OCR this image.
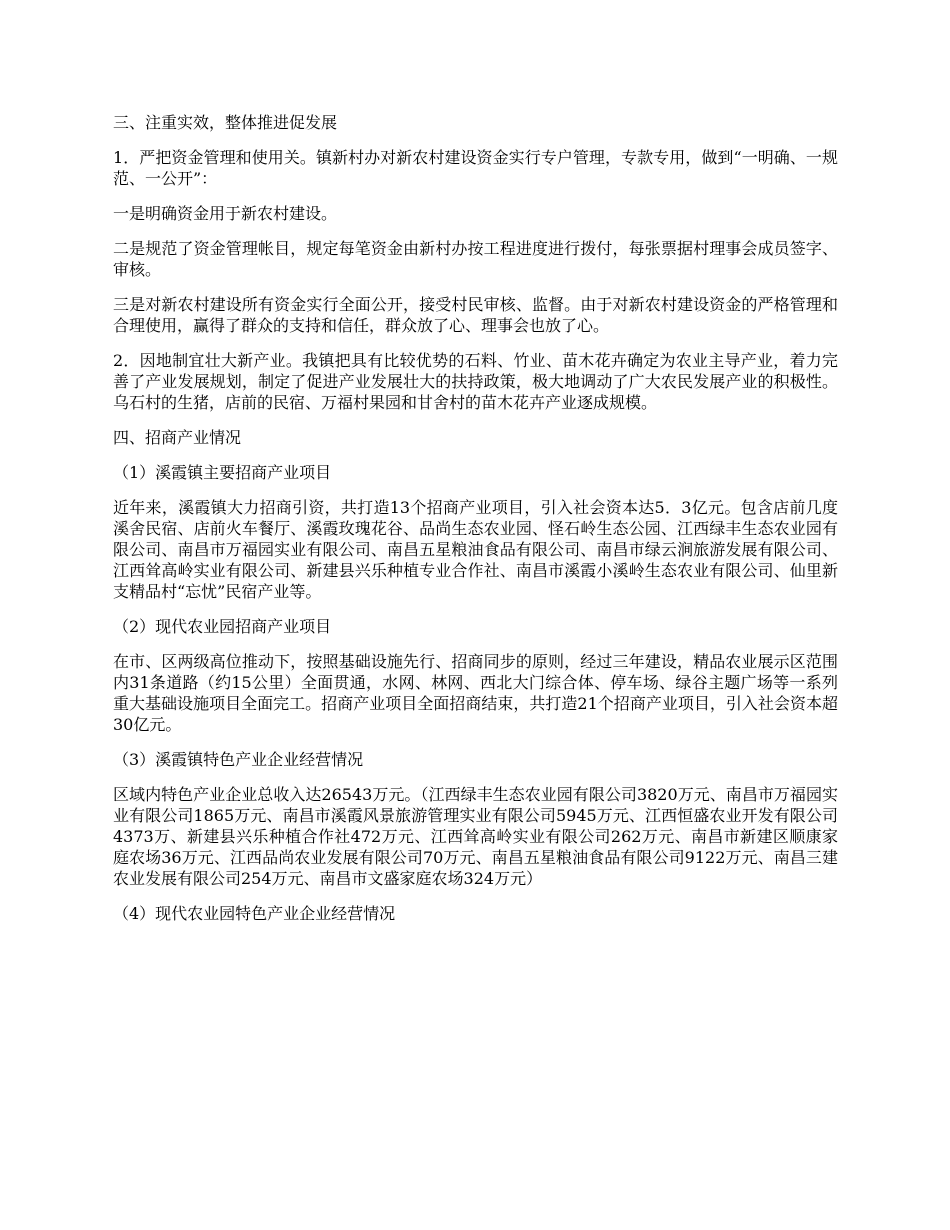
三、注重实效，整体推进促发展

1．严把资金管理和使用关。镇新村办对新农村建设资金实行专户管理，专款专用，做到“一明确、一规范、一公开”：

一是明确资金用于新农村建设。

二是规范了资金管理帐目，规定每笔资金由新村办按工程进度进行拨付，每张票据村理事会成员签字、审核。

三是对新农村建设所有资金实行全面公开，接受村民审核、监督。由于对新农村建设资金的严格管理和合理使用，赢得了群众的支持和信任，群众放了心、理事会也放了心。

2．因地制宜壮大新产业。我镇把具有比较优势的石料、竹业、苗木花卉确定为农业主导产业，着力完善了产业发展规划，制定了促进产业发展壮大的扶持政策，极大地调动了广大农民发展产业的积极性。乌石村的生猪，店前的民宿、万福村果园和甘舍村的苗木花卉产业逐成规模。

四、招商产业情况

（1）溪霞镇主要招商产业项目

近年来，溪霞镇大力招商引资，共打造13个招商产业项目，引入社会资本达5．3亿元。包含店前几度溪舍民宿、店前火车餐厅、溪霞玫瑰花谷、品尚生态农业园、怪石岭生态公园、江西绿丰生态农业园有限公司、南昌市万福园实业有限公司、南昌五星粮油食品有限公司、南昌市绿云涧旅游发展有限公司、江西耸高岭实业有限公司、新建县兴乐种植专业合作社、南昌市溪霞小溪岭生态农业有限公司、仙里新支精品村“忘忧”民宿产业等。

（2）现代农业园招商产业项目

在市、区两级高位推动下，按照基础设施先行、招商同步的原则，经过三年建设，精品农业展示区范围内31条道路（约15公里）全面贯通，水网、林网、西北大门综合体、停车场、绿谷主题广场等一系列重大基础设施项目全面完工。招商产业项目全面招商结束，共打造21个招商产业项目，引入社会资本超30亿元。

（3）溪霞镇特色产业企业经营情况

区域内特色产业企业总收入达26543万元。（江西绿丰生态农业园有限公司3820万元、南昌市万福园实业有限公司1865万元、南昌市溪霞风景旅游管理实业有限公司5945万元、江西恒盛农业开发有限公司4373万、新建县兴乐种植合作社472万元、江西耸高岭实业有限公司262万元、南昌市新建区顺康家庭农场36万元、江西品尚农业发展有限公司70万元、南昌五星粮油食品有限公司9122万元、南昌三建农业发展有限公司254万元、南昌市文盛家庭农场324万元）

（4）现代农业园特色产业企业经营情况
